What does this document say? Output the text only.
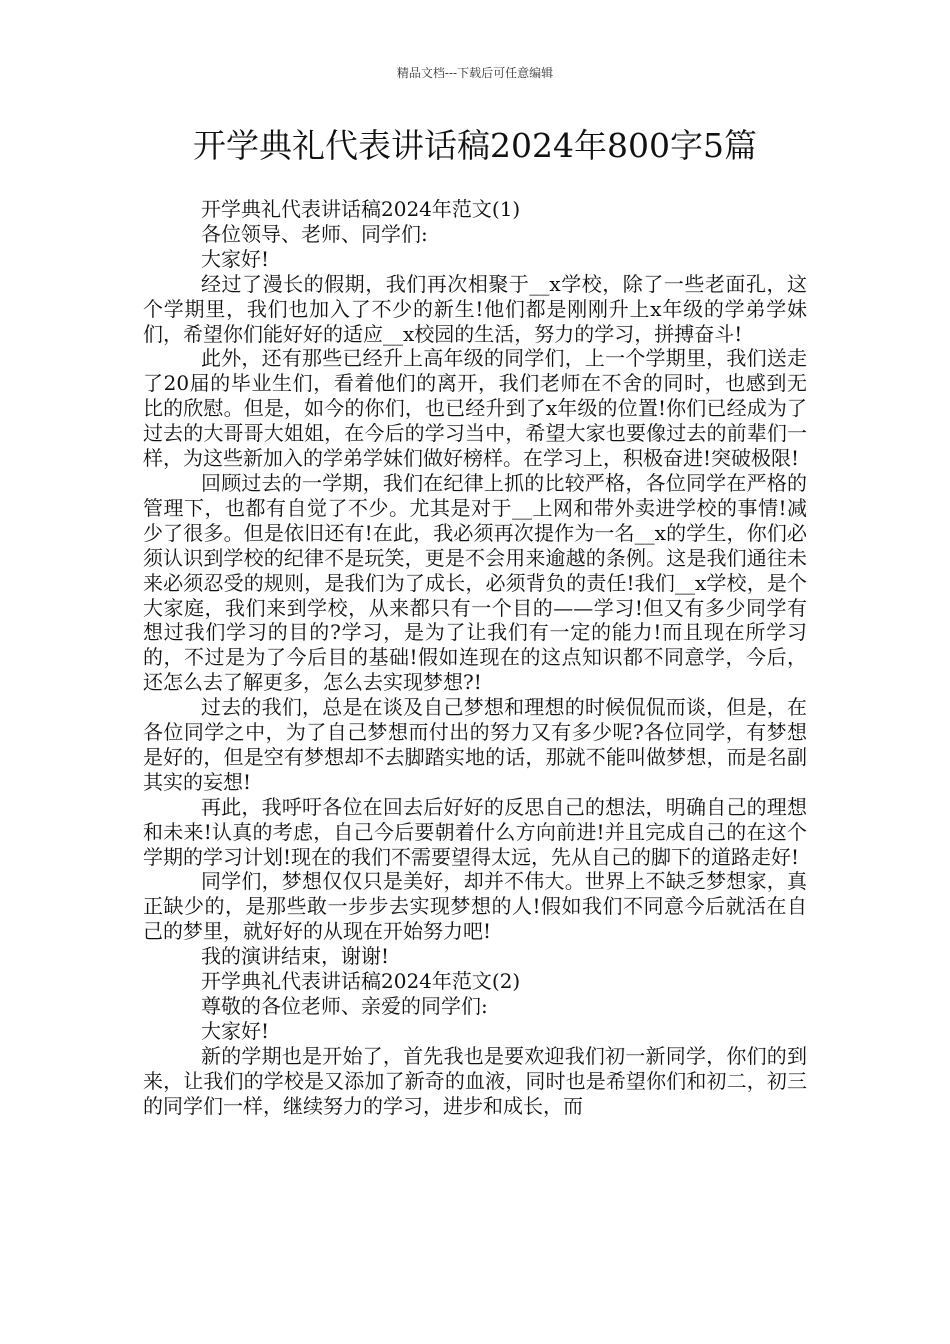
精品文档---下载后可任意编辑
开学典礼代表讲话稿2024年800字5篇

开学典礼代表讲话稿2024年范文(1)

各位领导、老师、同学们:

大家好!

经过了漫长的假期，我们再次相聚于__x学校，除了一些老面孔，这个学期里，我们也加入了不少的新生!他们都是刚刚升上x年级的学弟学妹们，希望你们能好好的适应__x校园的生活，努力的学习，拼搏奋斗!

此外，还有那些已经升上高年级的同学们，上一个学期里，我们送走了20届的毕业生们，看着他们的离开，我们老师在不舍的同时，也感到无比的欣慰。但是，如今的你们，也已经升到了x年级的位置!你们已经成为了过去的大哥哥大姐姐，在今后的学习当中，希望大家也要像过去的前辈们一样，为这些新加入的学弟学妹们做好榜样。在学习上，积极奋进!突破极限!

回顾过去的一学期，我们在纪律上抓的比较严格，各位同学在严格的管理下，也都有自觉了不少。尤其是对于__上网和带外卖进学校的事情!减少了很多。但是依旧还有!在此，我必须再次提作为一名__x的学生，你们必须认识到学校的纪律不是玩笑，更是不会用来逾越的条例。这是我们通往未来必须忍受的规则，是我们为了成长，必须背负的责任!我们__x学校，是个大家庭，我们来到学校，从来都只有一个目的——学习!但又有多少同学有想过我们学习的目的?学习，是为了让我们有一定的能力!而且现在所学习的，不过是为了今后目的基础!假如连现在的这点知识都不同意学，今后，还怎么去了解更多，怎么去实现梦想?!

过去的我们，总是在谈及自己梦想和理想的时候侃侃而谈，但是，在各位同学之中，为了自己梦想而付出的努力又有多少呢?各位同学，有梦想是好的，但是空有梦想却不去脚踏实地的话，那就不能叫做梦想，而是名副其实的妄想!

再此，我呼吁各位在回去后好好的反思自己的想法，明确自己的理想和未来!认真的考虑，自己今后要朝着什么方向前进!并且完成自己的在这个学期的学习计划!现在的我们不需要望得太远，先从自己的脚下的道路走好!

同学们，梦想仅仅只是美好，却并不伟大。世界上不缺乏梦想家，真正缺少的，是那些敢一步步去实现梦想的人!假如我们不同意今后就活在自己的梦里，就好好的从现在开始努力吧!

我的演讲结束，谢谢!

开学典礼代表讲话稿2024年范文(2)

尊敬的各位老师、亲爱的同学们:

大家好!

新的学期也是开始了，首先我也是要欢迎我们初一新同学，你们的到来，让我们的学校是又添加了新奇的血液，同时也是希望你们和初二，初三的同学们一样，继续努力的学习，进步和成长，而
